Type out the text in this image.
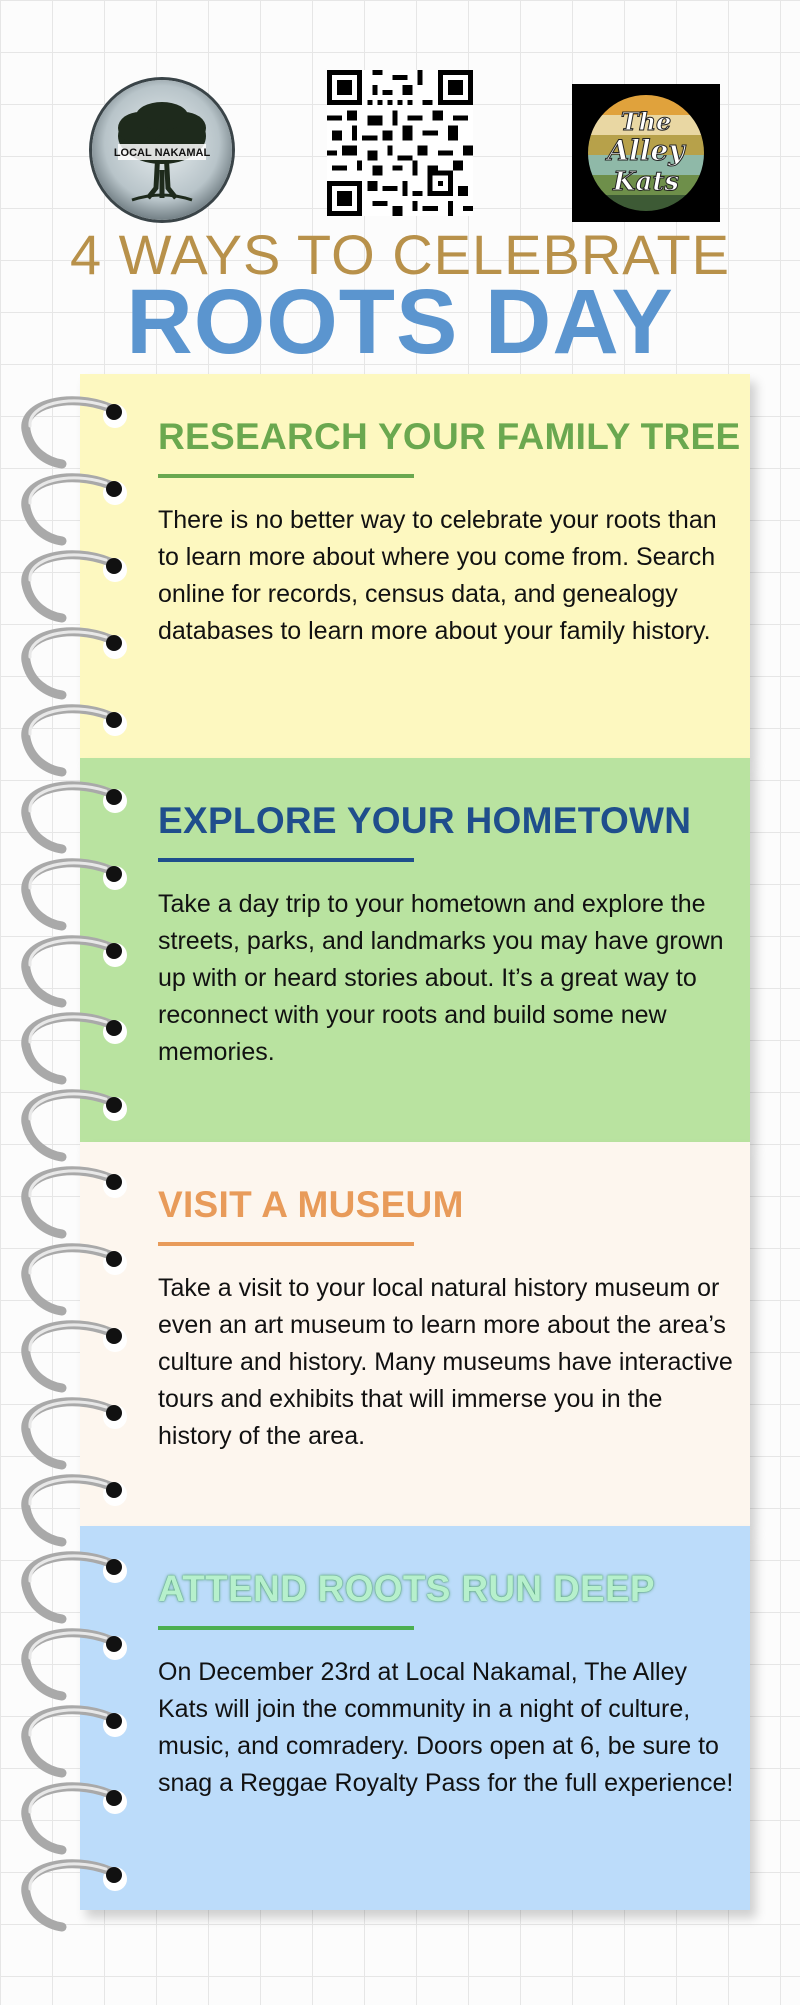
LOCAL NAKAMAL
The
Alley
Kats
4 WAYS TO CELEBRATE
ROOTS DAY
RESEARCH YOUR FAMILY TREE
There is no better way to celebrate your roots than to learn more about where you come from. Search online for records, census data, and genealogy databases to learn more about your family history.
EXPLORE YOUR HOMETOWN
Take a day trip to your hometown and explore the streets, parks, and landmarks you may have grown up with or heard stories about. It’s a great way to reconnect with your roots and build some new memories.
VISIT A MUSEUM
Take a visit to your local natural history museum or even an art museum to learn more about the area’s culture and history. Many museums have interactive tours and exhibits that will immerse you in the history of the area.
ATTEND ROOTS RUN DEEP
On December 23rd at Local Nakamal, The Alley Kats will join the community in a night of culture, music, and comradery. Doors open at 6, be sure to snag a Reggae Royalty Pass for the full experience!
